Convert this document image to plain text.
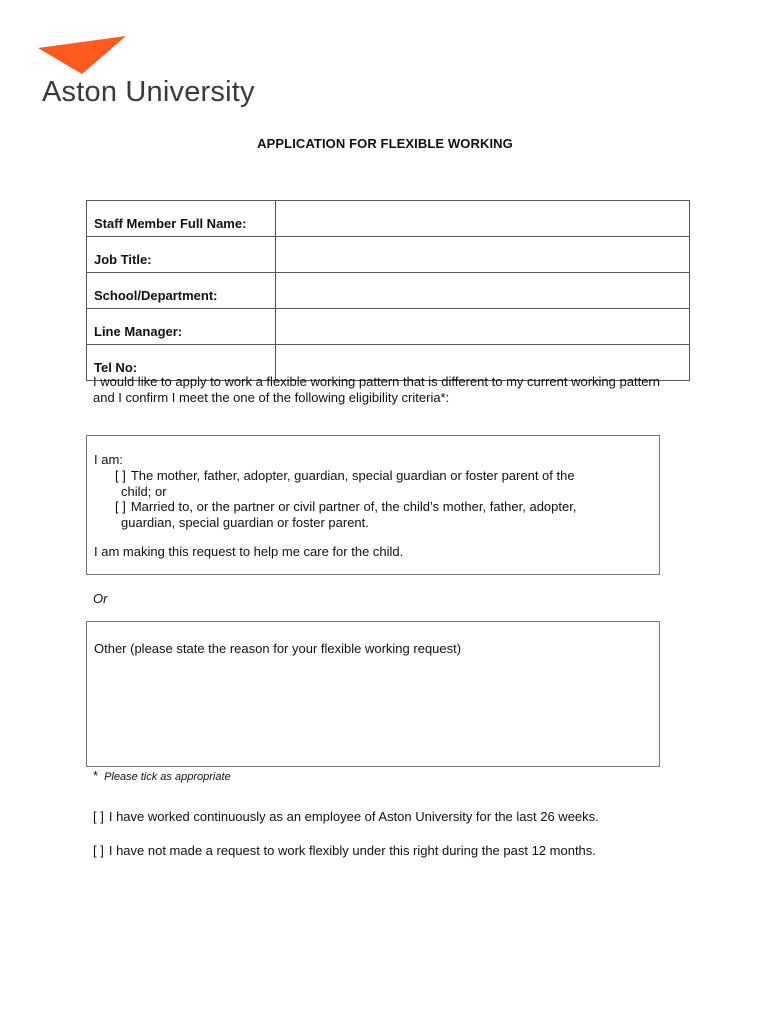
Aston University
APPLICATION FOR FLEXIBLE WORKING
Staff Member Full Name:	
Job Title:	
School/Department:	
Line Manager:	
Tel No:	
I would like to apply to work a flexible working pattern that is different to my current working pattern and I confirm I meet the one of the following eligibility criteria*:
I am:
[ ] The mother, father, adopter, guardian, special guardian or foster parent of the
child; or
[ ] Married to, or the partner or civil partner of, the child’s mother, father, adopter,
guardian, special guardian or foster parent.
I am making this request to help me care for the child.
Or
Other (please state the reason for your flexible working request)
* Please tick as appropriate
[ ] I have worked continuously as an employee of Aston University for the last 26 weeks.
[ ] I have not made a request to work flexibly under this right during the past 12 months.
